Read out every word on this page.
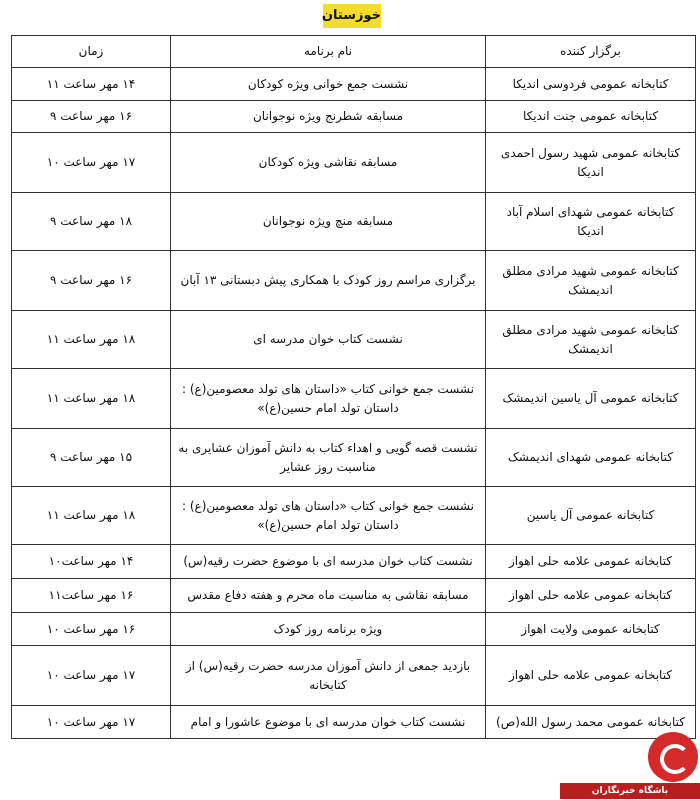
خوزستان
برگزار کننده	نام برنامه	زمان
کتابخانه عمومی فردوسی اندیکا	نشست جمع خوانی ویژه کودکان	۱۴ مهر ساعت ۱۱
کتابخانه عمومی جنت اندیکا	مسابقه شطرنج ویژه نوجوانان	۱۶ مهر ساعت ۹
کتابخانه عمومی شهید رسول احمدی اندیکا	مسابقه نقاشی ویژه کودکان	۱۷ مهر ساعت ۱۰
کتابخانه عمومی شهدای اسلام آباد اندیکا	مسابقه منچ ویژه نوجوانان	۱۸ مهر ساعت ۹
کتابخانه عمومی شهید مرادی مطلق اندیمشک	برگزاری مراسم روز کودک با همکاری پیش دبستانی ۱۳ آبان	۱۶ مهر ساعت ۹
کتابخانه عمومی شهید مرادی مطلق اندیمشک	نشست کتاب خوان مدرسه ای	۱۸ مهر ساعت ۱۱
کتابخانه عمومی آل یاسین اندیمشک	نشست جمع خوانی کتاب «داستان های تولد معصومین(ع) : داستان تولد امام حسین(ع)»	۱۸ مهر ساعت ۱۱
کتابخانه عمومی شهدای اندیمشک	نشست قصه گویی و اهداء کتاب به دانش آموزان عشایری به مناسبت روز عشایر	۱۵ مهر ساعت ۹
کتابخانه عمومی آل یاسین	نشست جمع خوانی کتاب «داستان های تولد معصومین(ع) : داستان تولد امام حسین(ع)»	۱۸ مهر ساعت ۱۱
کتابخانه عمومی علامه حلی اهواز	نشست کتاب خوان مدرسه ای با موضوع حضرت رقیه(س)	۱۴ مهر ساعت۱۰
کتابخانه عمومی علامه حلی اهواز	مسابقه نقاشی به مناسبت ماه محرم و هفته دفاع مقدس	۱۶ مهر ساعت۱۱
کتابخانه عمومی ولایت اهواز	ویژه برنامه روز کودک	۱۶ مهر ساعت ۱۰
کتابخانه عمومی علامه حلی اهواز	بازدید جمعی از دانش آموزان مدرسه حضرت رقیه(س) از کتابخانه	۱۷ مهر ساعت ۱۰
کتابخانه عمومی محمد رسول الله(ص)	نشست کتاب خوان مدرسه ای با موضوع عاشورا و امام	۱۷ مهر ساعت ۱۰
باشگاه خبرنگاران
